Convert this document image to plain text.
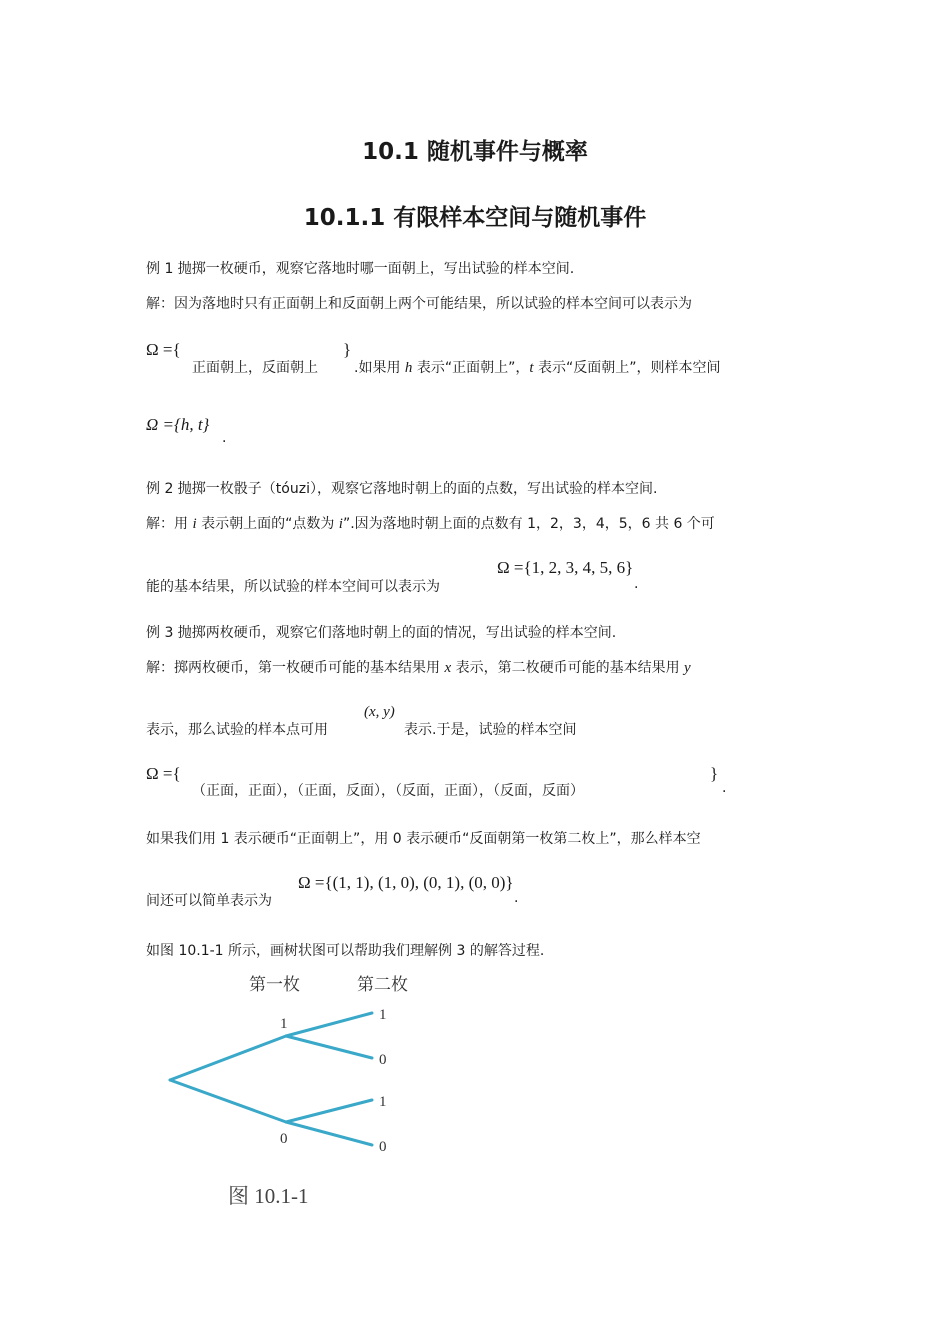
10.1 随机事件与概率
10.1.1 有限样本空间与随机事件
例 1 抛掷一枚硬币，观察它落地时哪一面朝上，写出试验的样本空间.
解：因为落地时只有正面朝上和反面朝上两个可能结果，所以试验的样本空间可以表示为
Ω ={
正面朝上，反面朝上
}
.如果用 h 表示“正面朝上”，t 表示“反面朝上”，则样本空间
Ω ={h, t}
.
例 2 抛掷一枚骰子（tóuzi），观察它落地时朝上的面的点数，写出试验的样本空间.
解：用 i 表示朝上面的“点数为 i”.因为落地时朝上面的点数有 1，2，3，4，5，6 共 6 个可
能的基本结果，所以试验的样本空间可以表示为
Ω ={1, 2, 3, 4, 5, 6}
.
例 3 抛掷两枚硬币，观察它们落地时朝上的面的情况，写出试验的样本空间.
解：掷两枚硬币，第一枚硬币可能的基本结果用 x 表示，第二枚硬币可能的基本结果用 y
表示，那么试验的样本点可用
(x, y)
表示.于是，试验的样本空间
Ω ={
（正面，正面），（正面，反面），（反面，正面），（反面，反面）
}
.
如果我们用 1 表示硬币“正面朝上”，用 0 表示硬币“反面朝第一枚第二枚上”，那么样本空
间还可以简单表示为
Ω ={(1, 1), (1, 0), (0, 1), (0, 0)}
.
如图 10.1-1 所示，画树状图可以帮助我们理解例 3 的解答过程.
第一枚	第二枚
1
0
1
0
1
0
图 10.1-1
